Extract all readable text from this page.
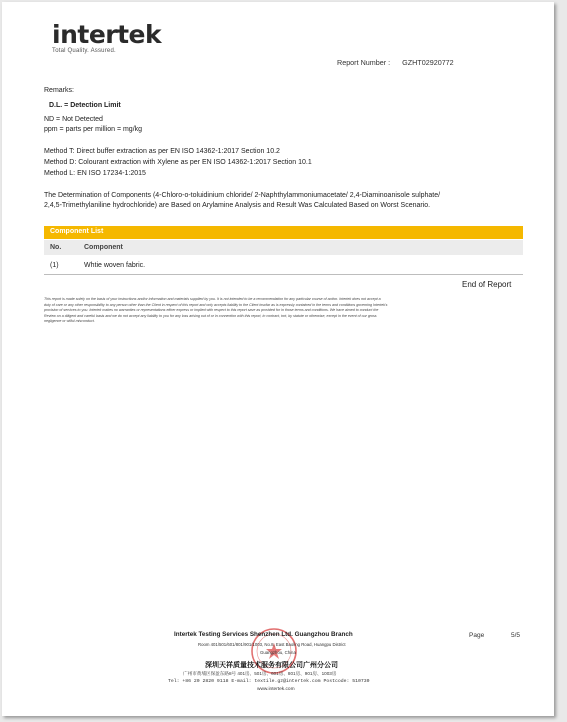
intertek
Total Quality. Assured.
Report Number : GZHT02920772
Remarks:
D.L. = Detection Limit
ND = Not Detected
ppm = parts per million = mg/kg
Method T: Direct buffer extraction as per EN ISO 14362-1:2017 Section 10.2
Method D: Colourant extraction with Xylene as per EN ISO 14362-1:2017 Section 10.1
Method L: EN ISO 17234-1:2015
The Determination of Components (4-Chloro-o-toluidinium chloride/ 2-Naphthylammoniumacetate/ 2,4-Diaminoanisole sulphate/
2,4,5-Trimethylaniline hydrochloride) are Based on Arylamine Analysis and Result Was Calculated Based on Worst Scenario.
Component List
No.	Component
(1)	Whtie woven fabric.
End of Report
This report is made solely on the basis of your instructions and/or information and materials supplied by you. It is not intended to be a recommendation for any particular course of action. Intertek does not accept a
duty of care or any other responsibility to any person other than the Client in respect of this report and only accepts liability to the Client insofar as is expressly contained in the terms and conditions governing Intertek's
provision of services to you. Intertek makes no warranties or representations either express or implied with respect to this report save as provided for in those terms and conditions. We have aimed to conduct the
Review on a diligent and careful basis and we do not accept any liability to you for any loss arising out of or in connection with this report, in contract, tort, by statute or otherwise, except in the event of our gross
negligence or wilful misconduct.
Intertek Testing Services Shenzhen Ltd. Guangzhou Branch
Room 401/501/601/801/901/1003, No.8, East Baoling Road, Huangpu District
Guangzhou, China
深圳天祥质量技术服务有限公司广州分公司
广州市黄埔区保盈东路8号 401房、501房、601房、801房、901房、1003房
Tel: +86 20 2820 9118 E-mail: textile.gz@intertek.com Postcode: 510730
www.intertek.com
Page	5/5
